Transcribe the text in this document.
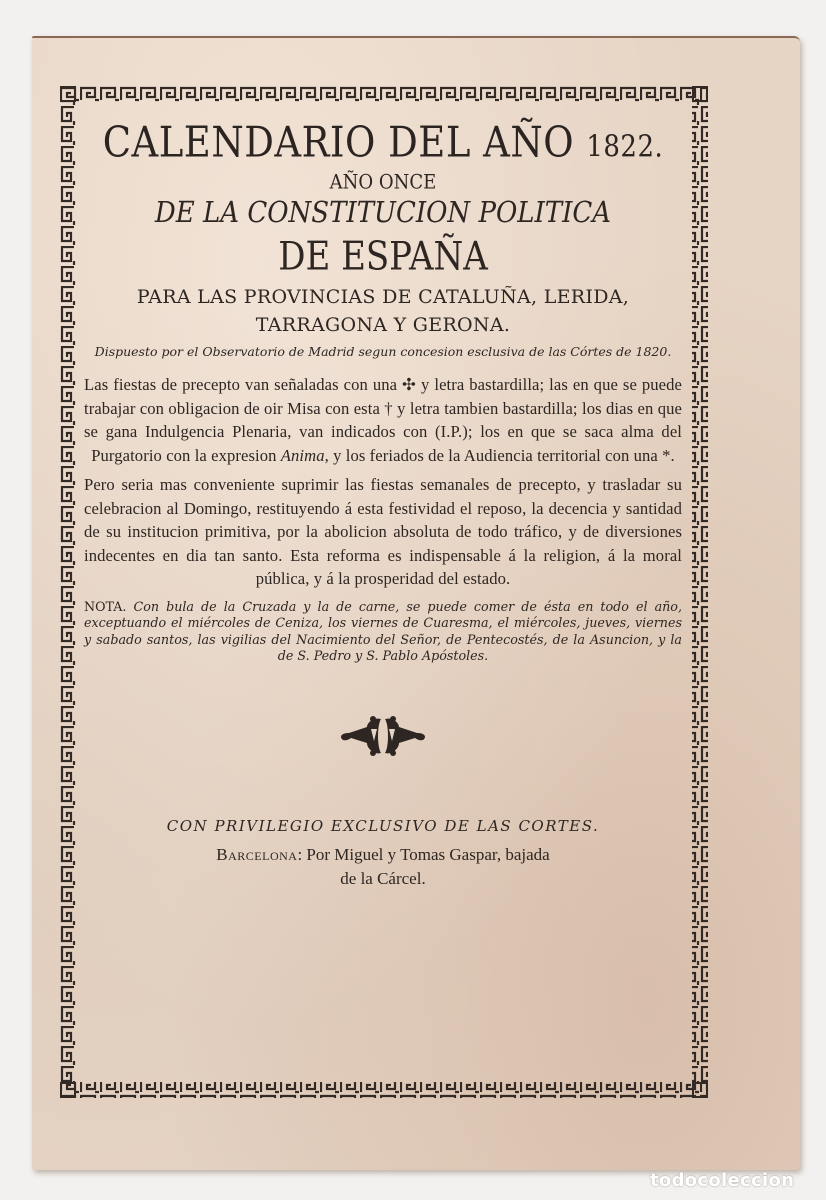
CALENDARIO DEL AÑO 1822.
AÑO ONCE
DE LA CONSTITUCION POLITICA
DE ESPAÑA
PARA LAS PROVINCIAS DE CATALUÑA, LERIDA,
TARRAGONA Y GERONA.
Dispuesto por el Observatorio de Madrid segun concesion esclusiva de las Córtes de 1820.

Las fiestas de precepto van señaladas con una ✣ y letra bastardilla; las en que se puede trabajar con obligacion de oir Misa con esta † y letra tambien bastardilla; los dias en que se gana Indulgencia Plenaria, van indicados con (I.P.); los en que se saca alma del Purgatorio con la expresion Anima, y los feriados de la Audiencia territorial con una *.

Pero seria mas conveniente suprimir las fiestas semanales de precepto, y trasladar su celebracion al Domingo, restituyendo á esta festividad el reposo, la decencia y santidad de su institucion primitiva, por la abolicion absoluta de todo tráfico, y de diversiones indecentes en dia tan santo. Esta reforma es indispensable á la religion, á la moral pública, y á la prosperidad del estado.

NOTA. Con bula de la Cruzada y la de carne, se puede comer de ésta en todo el año, exceptuando el miércoles de Ceniza, los viernes de Cuaresma, el miércoles, jueves, viernes y sabado santos, las vigilias del Nacimiento del Señor, de Pentecostés, de la Asuncion, y la de S. Pedro y S. Pablo Apóstoles.

CON PRIVILEGIO EXCLUSIVO DE LAS CORTES.
Barcelona: Por Miguel y Tomas Gaspar, bajada
de la Cárcel.
todocoleccion
